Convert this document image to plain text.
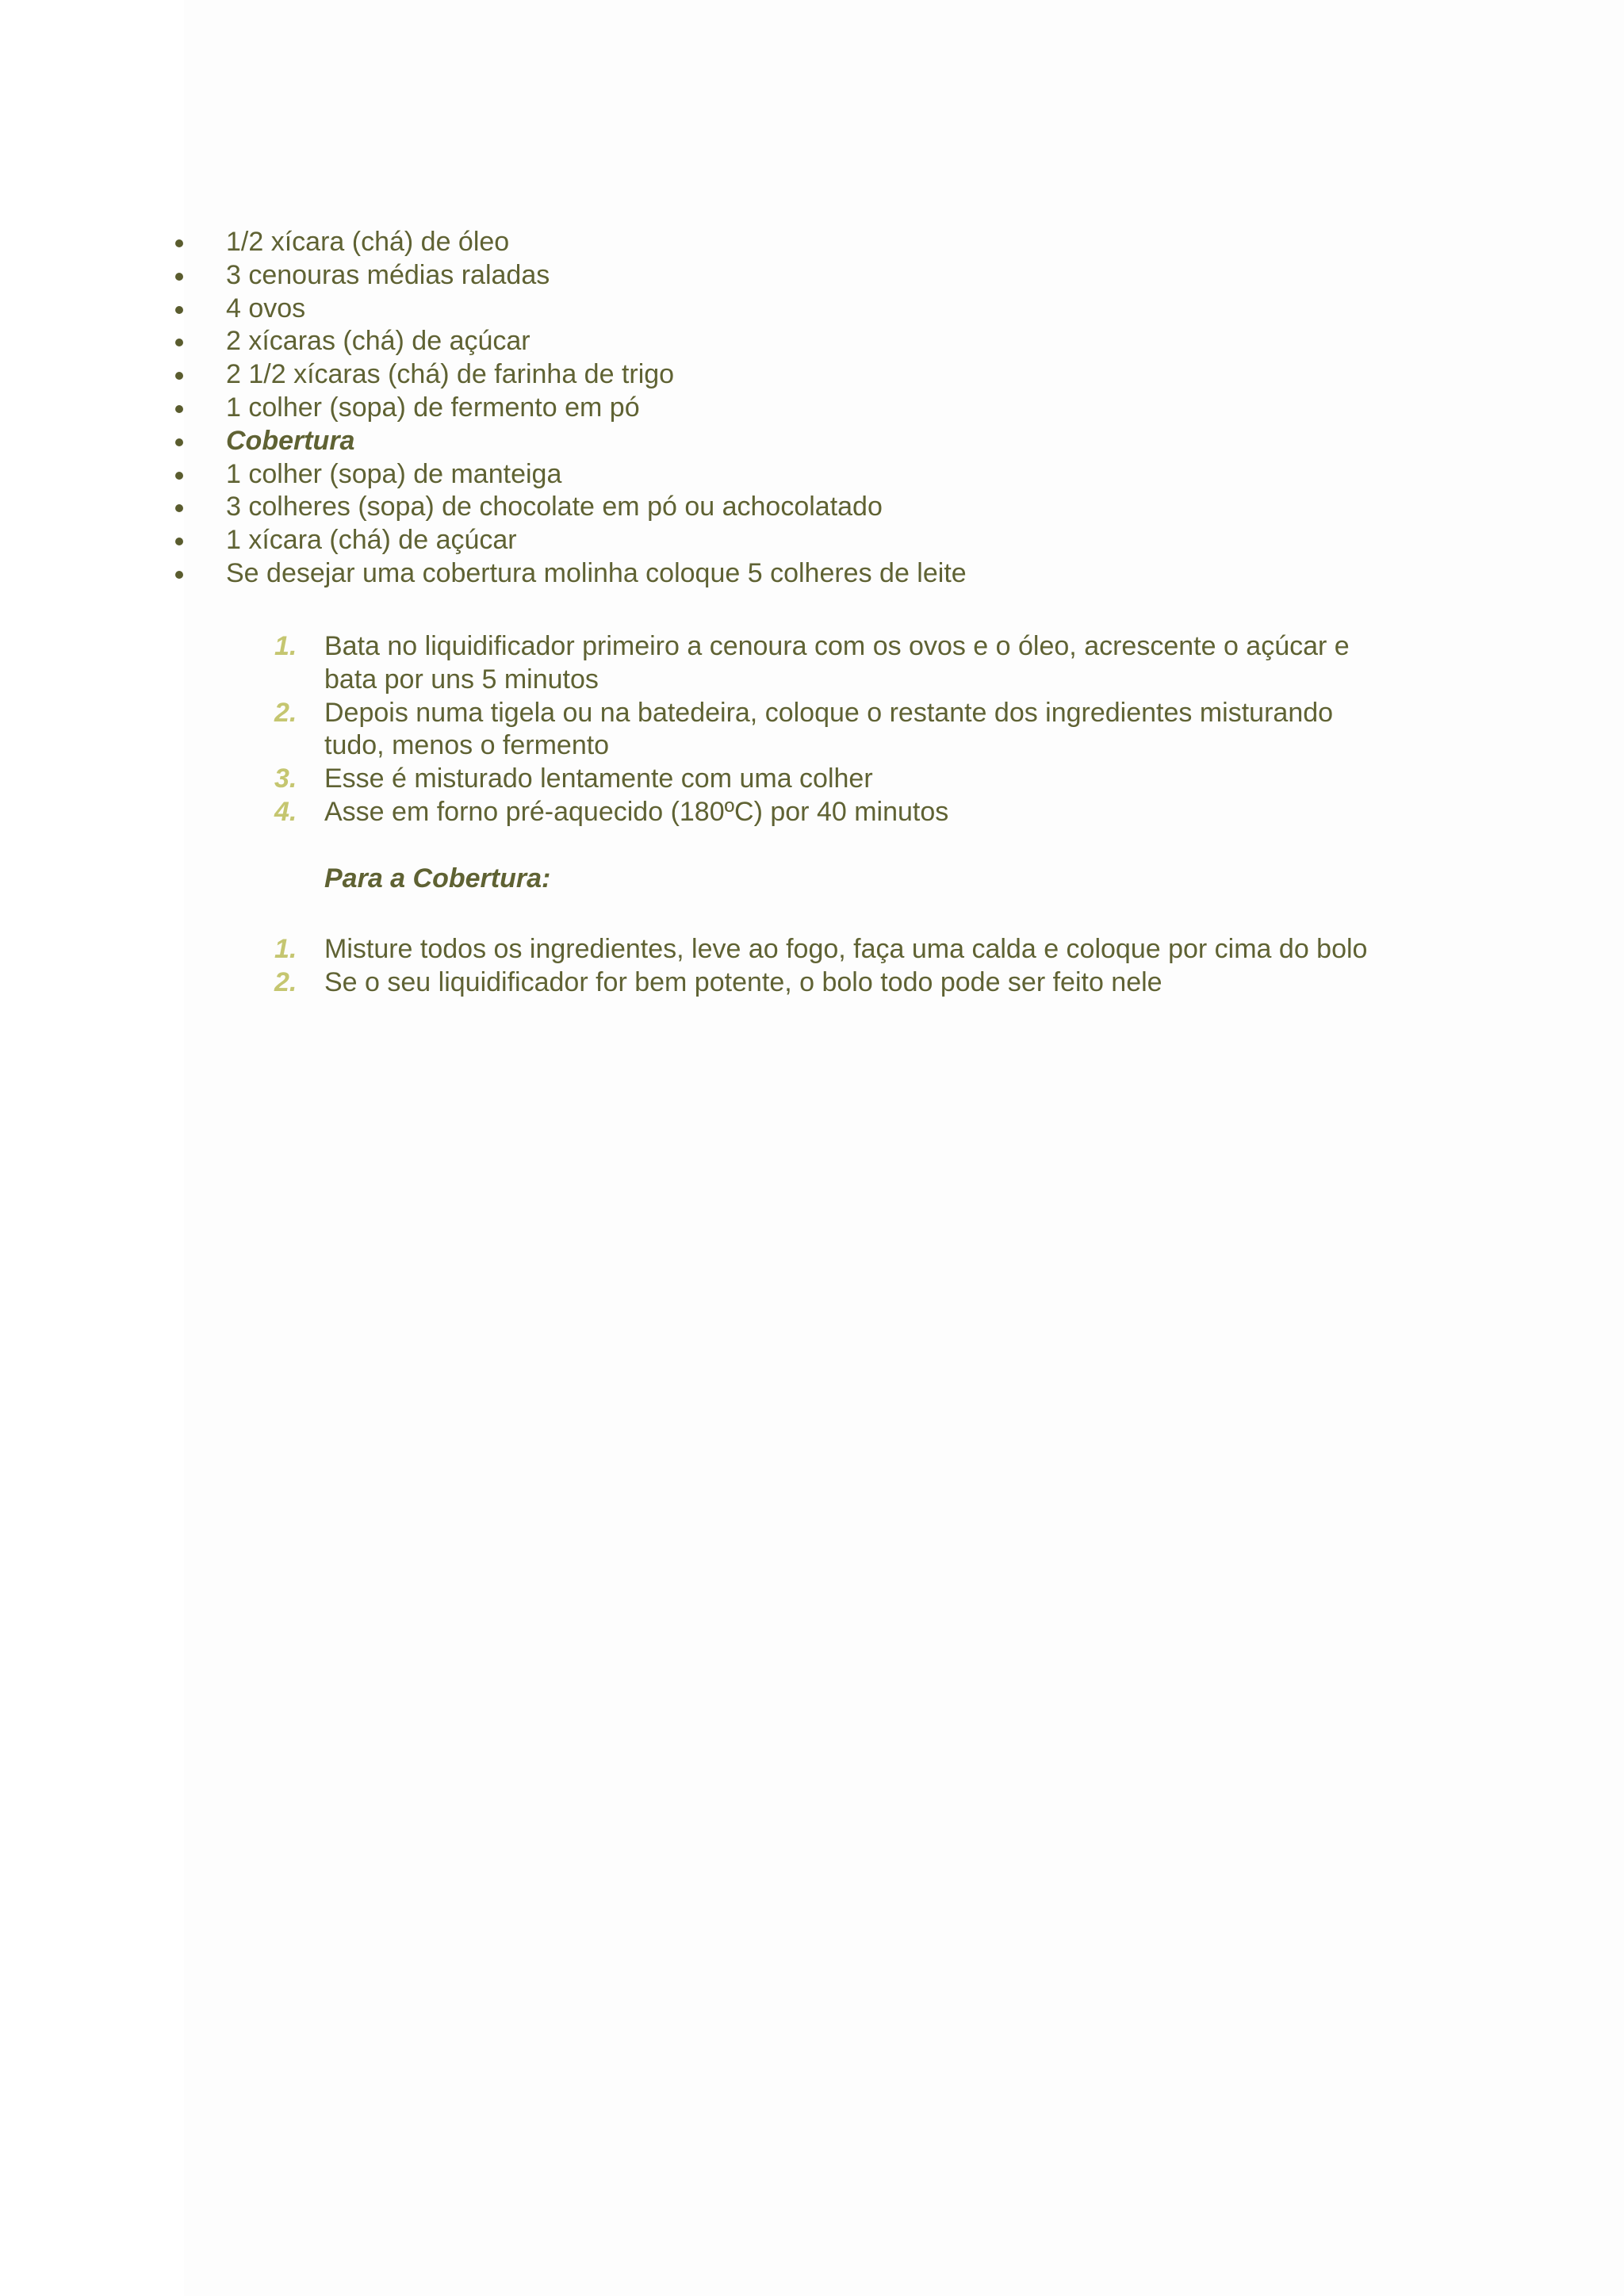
1/2 xícara (chá) de óleo
3 cenouras médias raladas
4 ovos
2 xícaras (chá) de açúcar
2 1/2 xícaras (chá) de farinha de trigo
1 colher (sopa) de fermento em pó
Cobertura
1 colher (sopa) de manteiga
3 colheres (sopa) de chocolate em pó ou achocolatado
1 xícara (chá) de açúcar
Se desejar uma cobertura molinha coloque 5 colheres de leite
1. Bata no liquidificador primeiro a cenoura com os ovos e o óleo, acrescente o açúcar e bata por uns 5 minutos
2. Depois numa tigela ou na batedeira, coloque o restante dos ingredientes misturando tudo, menos o fermento
3. Esse é misturado lentamente com uma colher
4. Asse em forno pré-aquecido (180ºC) por 40 minutos
Para a Cobertura:
1. Misture todos os ingredientes, leve ao fogo, faça uma calda e coloque por cima do bolo
2. Se o seu liquidificador for bem potente, o bolo todo pode ser feito nele
